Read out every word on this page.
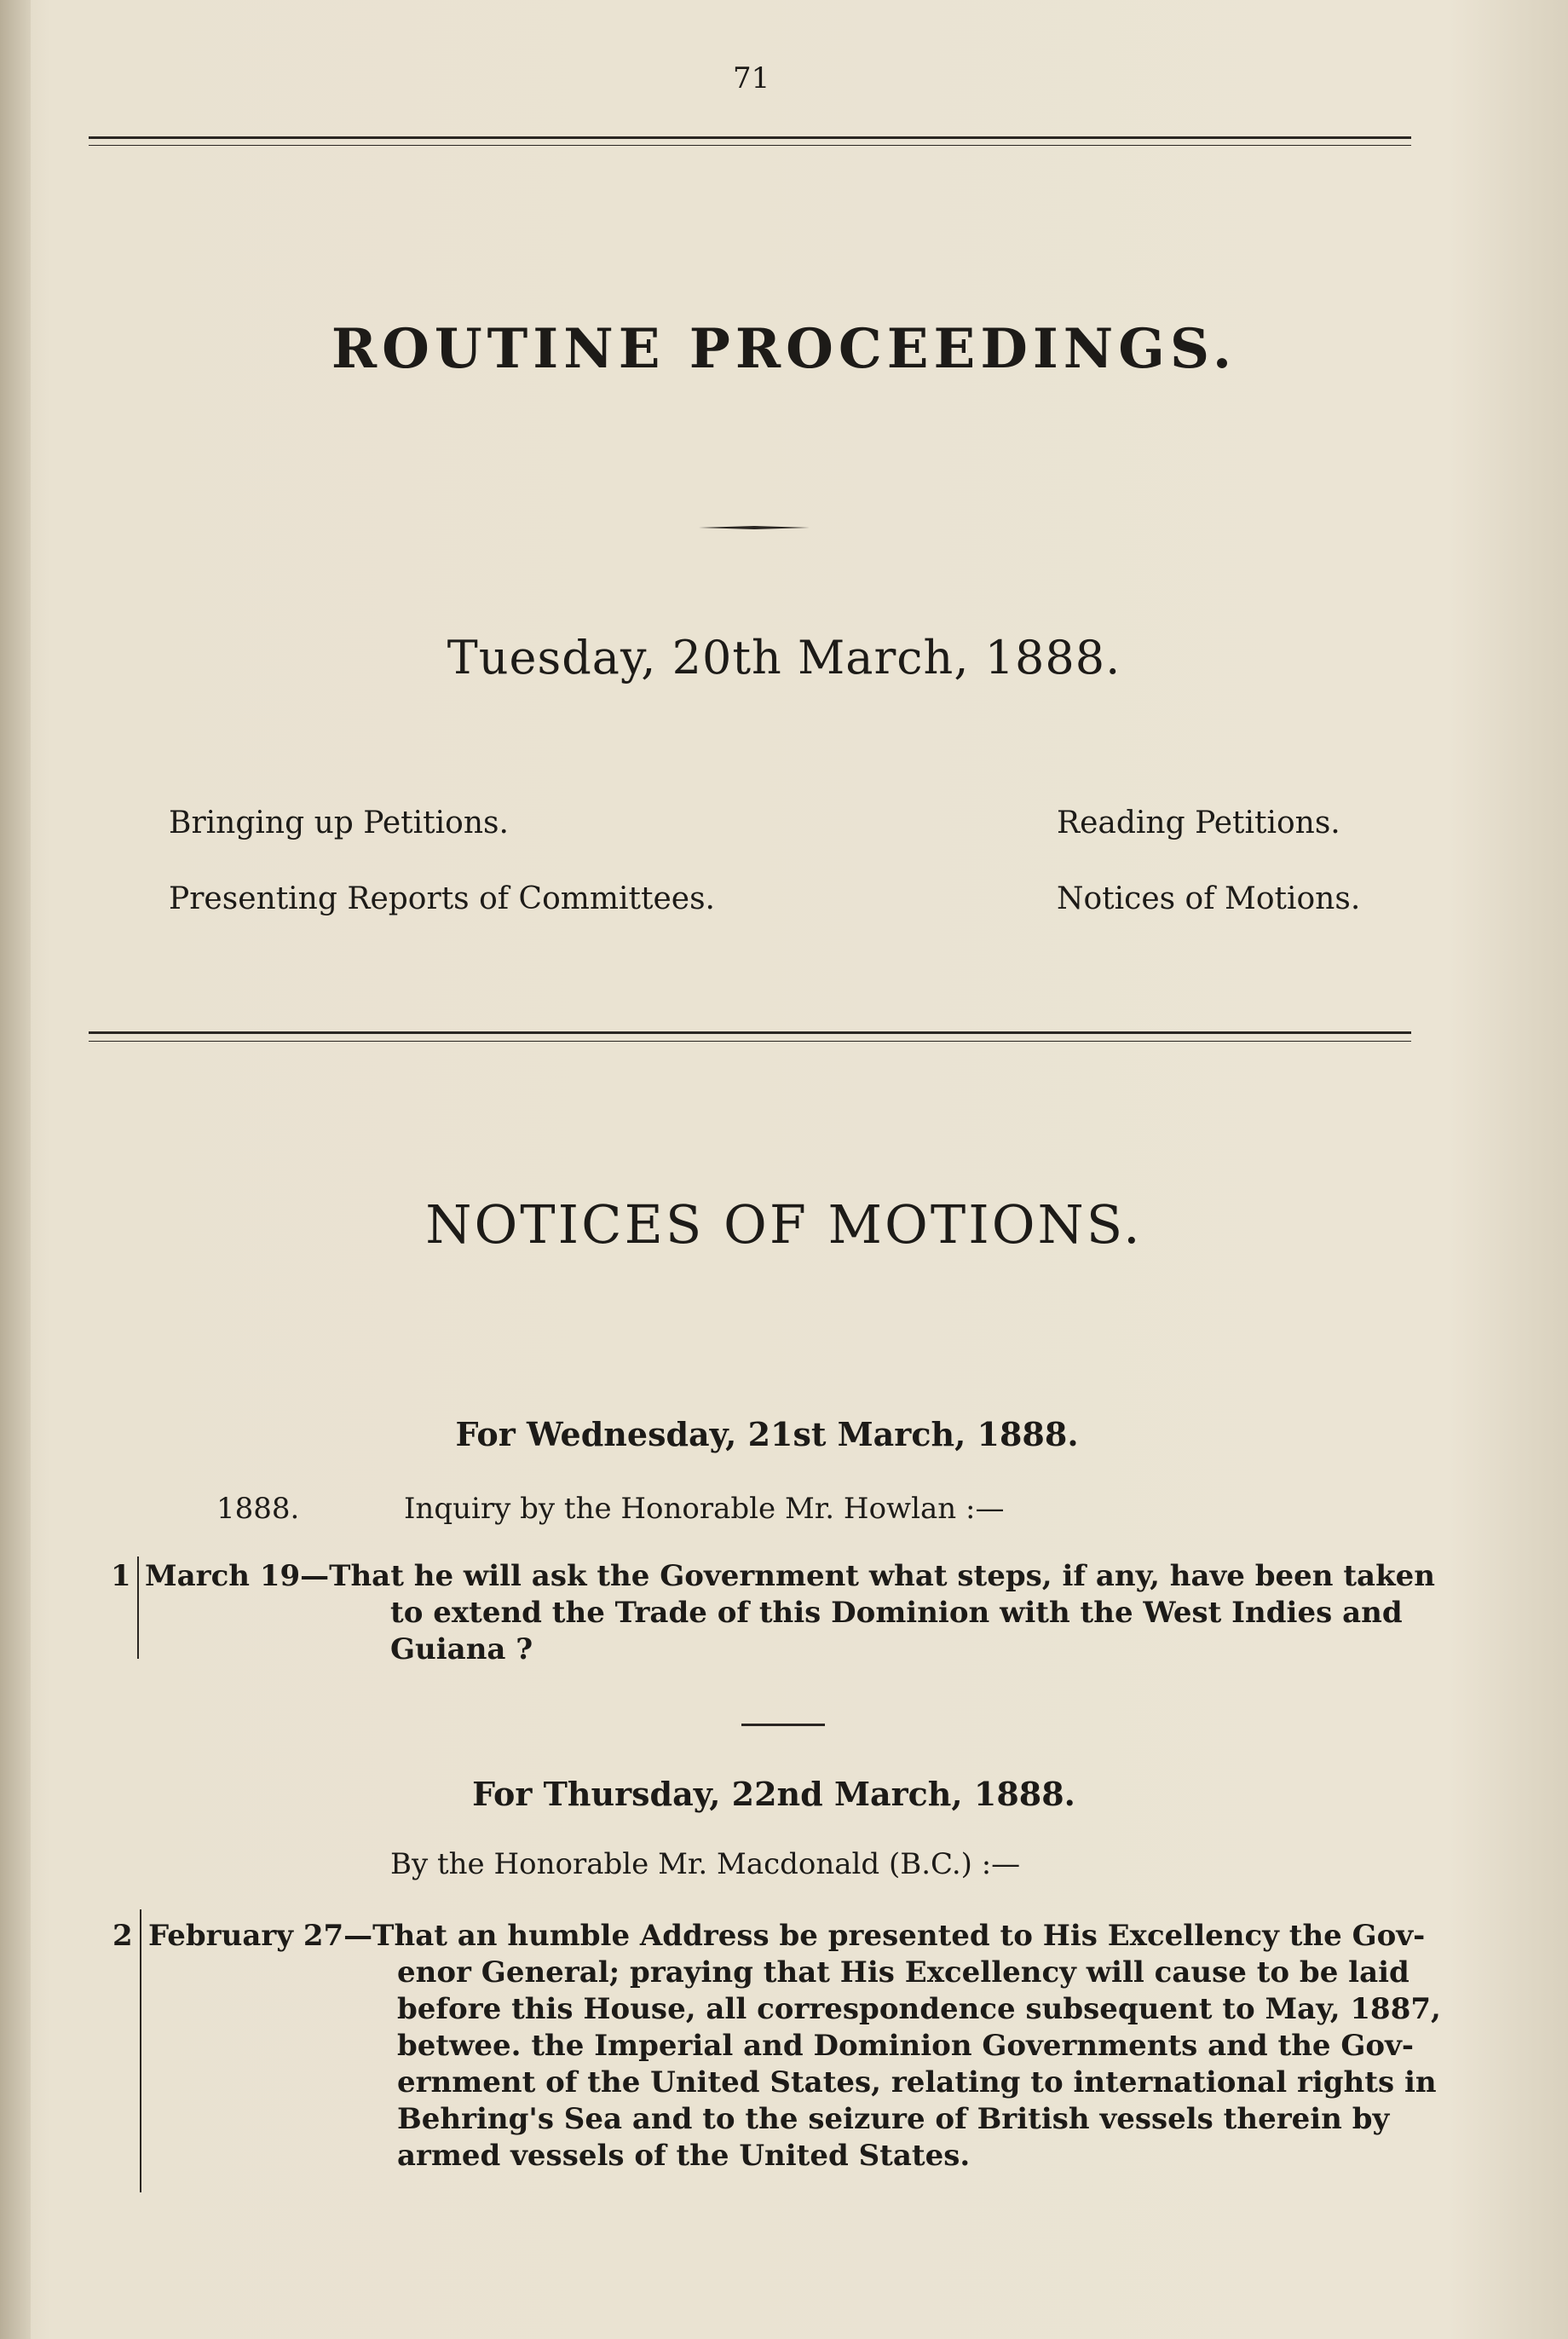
71
ROUTINE PROCEEDINGS.
Tuesday, 20th March, 1888.
Bringing up Petitions.	Reading Petitions.
Presenting Reports of Committees.	Notices of Motions.
NOTICES OF MOTIONS.
For Wednesday, 21st March, 1888.
1888.	Inquiry by the Honorable Mr. Howlan :—
1 March 19—That he will ask the Government what steps, if any, have been taken
to extend the Trade of this Dominion with the West Indies and
Guiana ?
For Thursday, 22nd March, 1888.
By the Honorable Mr. Macdonald (B.C.) :—
2 February 27—That an humble Address be presented to His Excellency the Gov-
enor General; praying that His Excellency will cause to be laid
before this House, all correspondence subsequent to May, 1887,
betwee. the Imperial and Dominion Governments and the Gov-
ernment of the United States, relating to international rights in
Behring's Sea and to the seizure of British vessels therein by
armed vessels of the United States.
